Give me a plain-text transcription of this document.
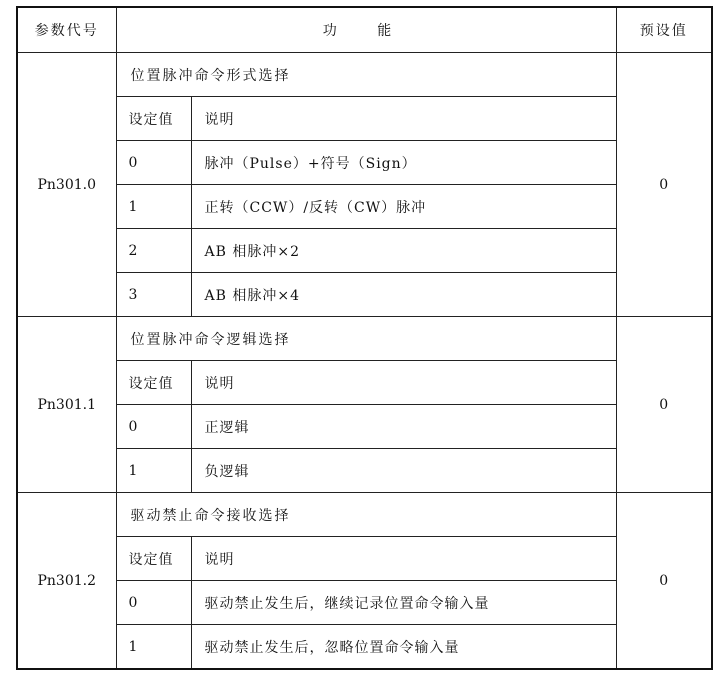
参数代号	功 能		预设值
Pn301.0	位置脉冲命令形式选择		0
	设定值	说明	
	0	脉冲（Pulse）+符号（Sign）	
	1	正转（CCW）/反转（CW）脉冲	
	2	AB 相脉冲×2	
	3	AB 相脉冲×4	
Pn301.1	位置脉冲命令逻辑选择		0
	设定值	说明	
	0	正逻辑	
	1	负逻辑	
Pn301.2	驱动禁止命令接收选择		0
	设定值	说明	
	0	驱动禁止发生后，继续记录位置命令输入量	
	1	驱动禁止发生后，忽略位置命令输入量	
